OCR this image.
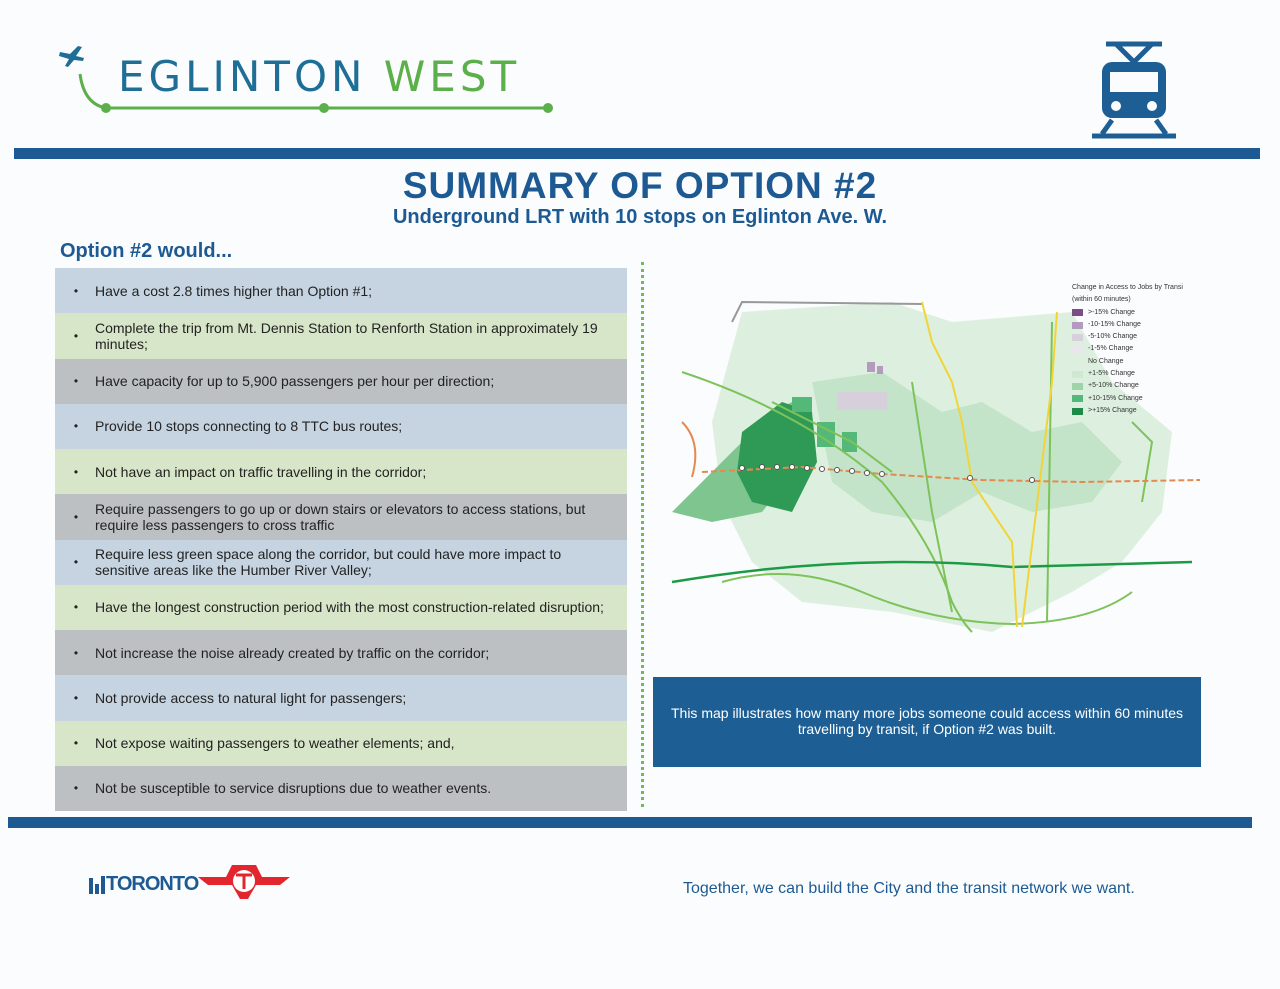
EGLINTON WEST
SUMMARY OF OPTION #2
Underground LRT with 10 stops on Eglinton Ave. W.
Option #2 would...
•	Have a cost 2.8 times higher than Option #1;
•	Complete the trip from Mt. Dennis Station to Renforth Station in approximately 19 minutes;
•	Have capacity for up to 5,900 passengers per hour per direction;
•	Provide 10 stops connecting to 8 TTC bus routes;
•	Not have an impact on traffic travelling in the corridor;
•	Require passengers to go up or down stairs or elevators to access stations, but require less passengers to cross traffic
•	Require less green space along the corridor, but could have more impact to sensitive areas like the Humber River Valley;
•	Have the longest construction period with the most construction-related disruption;
•	Not increase the noise already created by traffic on the corridor;
•	Not provide access to natural light for passengers;
•	Not expose waiting passengers to weather elements; and,
•	Not be susceptible to service disruptions due to weather events.
Change in Access to Jobs by Transi (within 60 minutes)
>-15% Change
-10-15% Change
-5-10% Change
-1-5% Change
No Change
+1-5% Change
+5-10% Change
+10-15% Change
>+15% Change
This map illustrates how many more jobs someone could access within 60 minutes travelling by transit, if Option #2 was built.
TORONTO	Together, we can build the City and the transit network we want.
